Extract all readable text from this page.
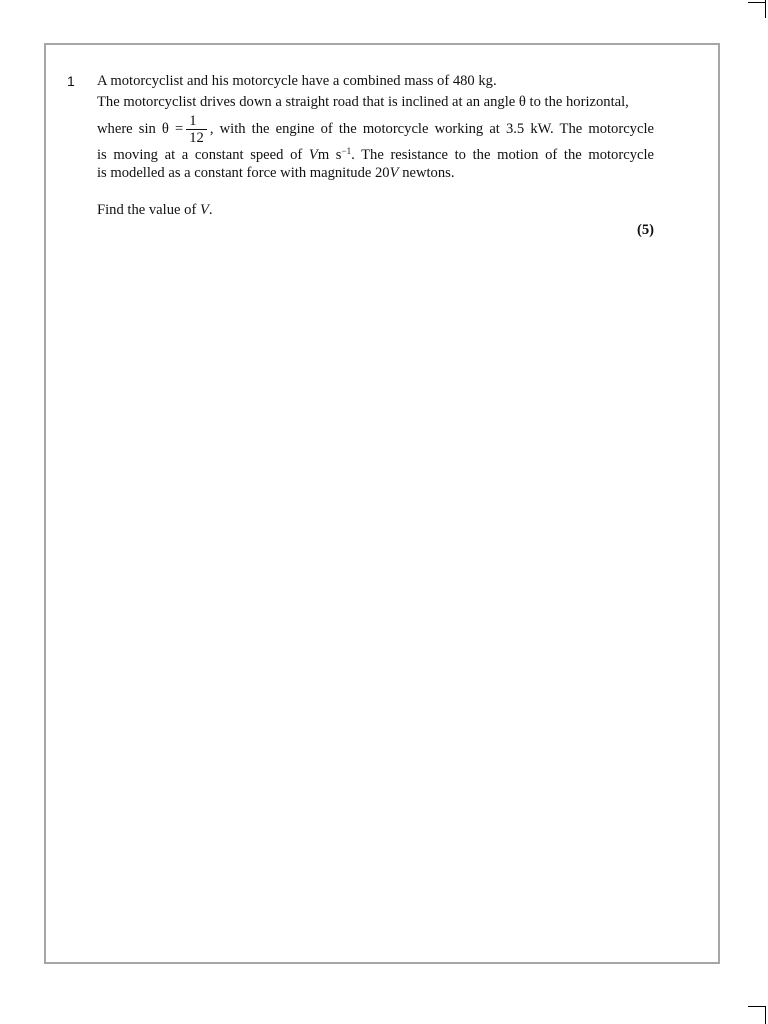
1 A motorcyclist and his motorcycle have a combined mass of 480 kg.

The motorcyclist drives down a straight road that is inclined at an angle θ to the horizontal,

where $\sin \theta = \frac{1}{12}$ , with the engine of the motorcycle working at 3.5 kW. The motorcycle

is moving at a constant speed of Vm $s^{-1}$. The resistance to the motion of the motorcycle

is modelled as a constant force with magnitude 20V newtons.

Find the value of V.

(5)
